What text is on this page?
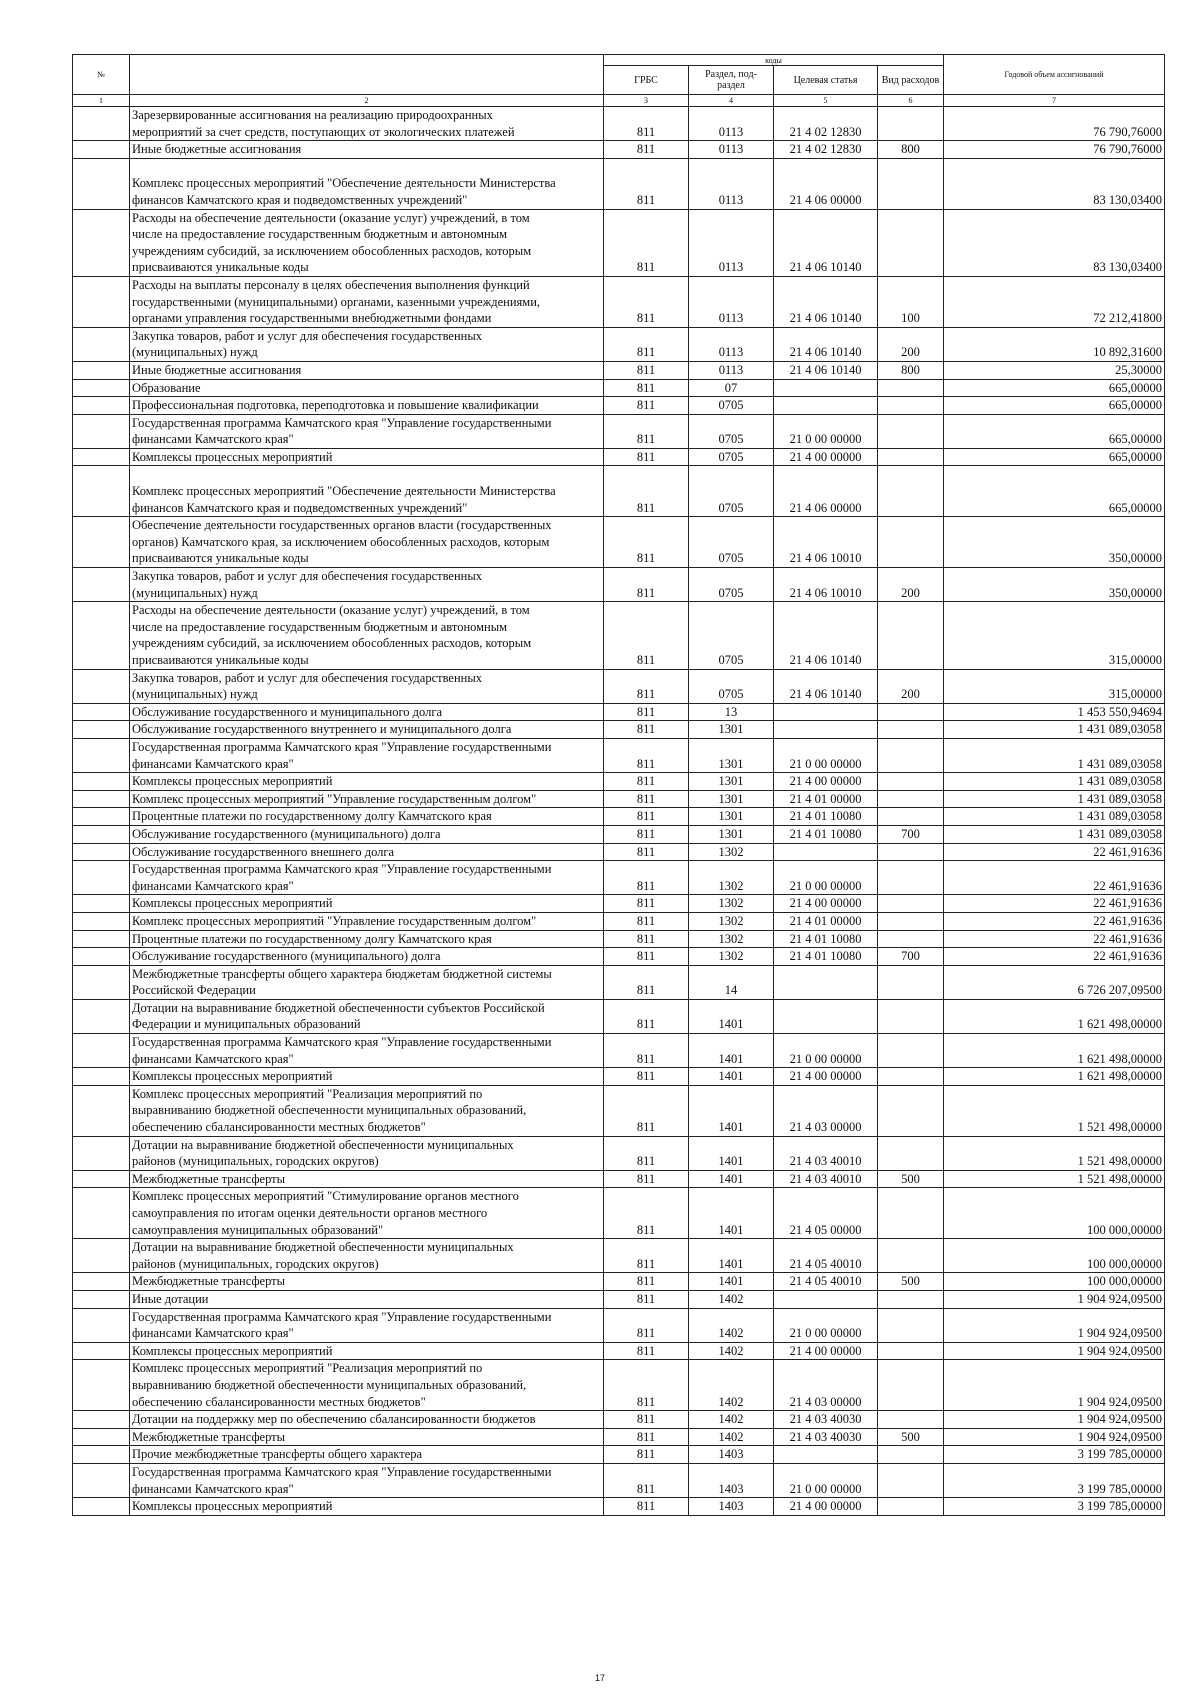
№		коды				Годовой объем ассигнований
		ГРБС	Раздел, под-раздел	Целевая статья	Вид расходов	
1	2	3	4	5	6	7
	Зарезервированные ассигнования на реализацию природоохранных
мероприятий за счет средств, поступающих от экологических платежей	811	0113	21 4 02 12830		76 790,76000
	Иные бюджетные ассигнования	811	0113	21 4 02 12830	800	76 790,76000

Комплекс процессных мероприятий "Обеспечение деятельности Министерства
финансов Камчатского края и подведомственных учреждений"	811	0113	21 4 06 00000		83 130,03400
	Расходы на обеспечение деятельности (оказание услуг) учреждений, в том
числе на предоставление государственным бюджетным и автономным
учреждениям субсидий, за исключением обособленных расходов, которым
присваиваются уникальные коды	811	0113	21 4 06 10140		83 130,03400
	Расходы на выплаты персоналу в целях обеспечения выполнения функций
государственными (муниципальными) органами, казенными учреждениями,
органами управления государственными внебюджетными фондами	811	0113	21 4 06 10140	100	72 212,41800
	Закупка товаров, работ и услуг для обеспечения государственных
(муниципальных) нужд	811	0113	21 4 06 10140	200	10 892,31600
	Иные бюджетные ассигнования	811	0113	21 4 06 10140	800	25,30000
	Образование	811	07			665,00000
	Профессиональная подготовка, переподготовка и повышение квалификации	811	0705			665,00000
	Государственная программа Камчатского края "Управление государственными
финансами Камчатского края"	811	0705	21 0 00 00000		665,00000
	Комплексы процессных мероприятий	811	0705	21 4 00 00000		665,00000

Комплекс процессных мероприятий "Обеспечение деятельности Министерства
финансов Камчатского края и подведомственных учреждений"	811	0705	21 4 06 00000		665,00000
	Обеспечение деятельности государственных органов власти (государственных
органов) Камчатского края, за исключением обособленных расходов, которым
присваиваются уникальные коды	811	0705	21 4 06 10010		350,00000
	Закупка товаров, работ и услуг для обеспечения государственных
(муниципальных) нужд	811	0705	21 4 06 10010	200	350,00000
	Расходы на обеспечение деятельности (оказание услуг) учреждений, в том
числе на предоставление государственным бюджетным и автономным
учреждениям субсидий, за исключением обособленных расходов, которым
присваиваются уникальные коды	811	0705	21 4 06 10140		315,00000
	Закупка товаров, работ и услуг для обеспечения государственных
(муниципальных) нужд	811	0705	21 4 06 10140	200	315,00000
	Обслуживание государственного и муниципального долга	811	13			1 453 550,94694
	Обслуживание государственного внутреннего и муниципального долга	811	1301			1 431 089,03058
	Государственная программа Камчатского края "Управление государственными
финансами Камчатского края"	811	1301	21 0 00 00000		1 431 089,03058
	Комплексы процессных мероприятий	811	1301	21 4 00 00000		1 431 089,03058
	Комплекс процессных мероприятий "Управление государственным долгом"	811	1301	21 4 01 00000		1 431 089,03058
	Процентные платежи по государственному долгу Камчатского края	811	1301	21 4 01 10080		1 431 089,03058
	Обслуживание государственного (муниципального) долга	811	1301	21 4 01 10080	700	1 431 089,03058
	Обслуживание государственного внешнего долга	811	1302			22 461,91636
	Государственная программа Камчатского края "Управление государственными
финансами Камчатского края"	811	1302	21 0 00 00000		22 461,91636
	Комплексы процессных мероприятий	811	1302	21 4 00 00000		22 461,91636
	Комплекс процессных мероприятий "Управление государственным долгом"	811	1302	21 4 01 00000		22 461,91636
	Процентные платежи по государственному долгу Камчатского края	811	1302	21 4 01 10080		22 461,91636
	Обслуживание государственного (муниципального) долга	811	1302	21 4 01 10080	700	22 461,91636
	Межбюджетные трансферты общего характера бюджетам бюджетной системы
Российской Федерации	811	14			6 726 207,09500
	Дотации на выравнивание бюджетной обеспеченности субъектов Российской
Федерации и муниципальных образований	811	1401			1 621 498,00000
	Государственная программа Камчатского края "Управление государственными
финансами Камчатского края"	811	1401	21 0 00 00000		1 621 498,00000
	Комплексы процессных мероприятий	811	1401	21 4 00 00000		1 621 498,00000
	Комплекс процессных мероприятий "Реализация мероприятий по
выравниванию бюджетной обеспеченности муниципальных образований,
обеспечению сбалансированности местных бюджетов"	811	1401	21 4 03 00000		1 521 498,00000
	Дотации на выравнивание бюджетной обеспеченности муниципальных
районов (муниципальных, городских округов)	811	1401	21 4 03 40010		1 521 498,00000
	Межбюджетные трансферты	811	1401	21 4 03 40010	500	1 521 498,00000
	Комплекс процессных мероприятий "Стимулирование органов местного
самоуправления по итогам оценки деятельности органов местного
самоуправления муниципальных образований"	811	1401	21 4 05 00000		100 000,00000
	Дотации на выравнивание бюджетной обеспеченности муниципальных
районов (муниципальных, городских округов)	811	1401	21 4 05 40010		100 000,00000
	Межбюджетные трансферты	811	1401	21 4 05 40010	500	100 000,00000
	Иные дотации	811	1402			1 904 924,09500
	Государственная программа Камчатского края "Управление государственными
финансами Камчатского края"	811	1402	21 0 00 00000		1 904 924,09500
	Комплексы процессных мероприятий	811	1402	21 4 00 00000		1 904 924,09500
	Комплекс процессных мероприятий "Реализация мероприятий по
выравниванию бюджетной обеспеченности муниципальных образований,
обеспечению сбалансированности местных бюджетов"	811	1402	21 4 03 00000		1 904 924,09500
	Дотации на поддержку мер по обеспечению сбалансированности бюджетов	811	1402	21 4 03 40030		1 904 924,09500
	Межбюджетные трансферты	811	1402	21 4 03 40030	500	1 904 924,09500
	Прочие межбюджетные трансферты общего характера	811	1403			3 199 785,00000
	Государственная программа Камчатского края "Управление государственными
финансами Камчатского края"	811	1403	21 0 00 00000		3 199 785,00000
	Комплексы процессных мероприятий	811	1403	21 4 00 00000		3 199 785,00000
17
